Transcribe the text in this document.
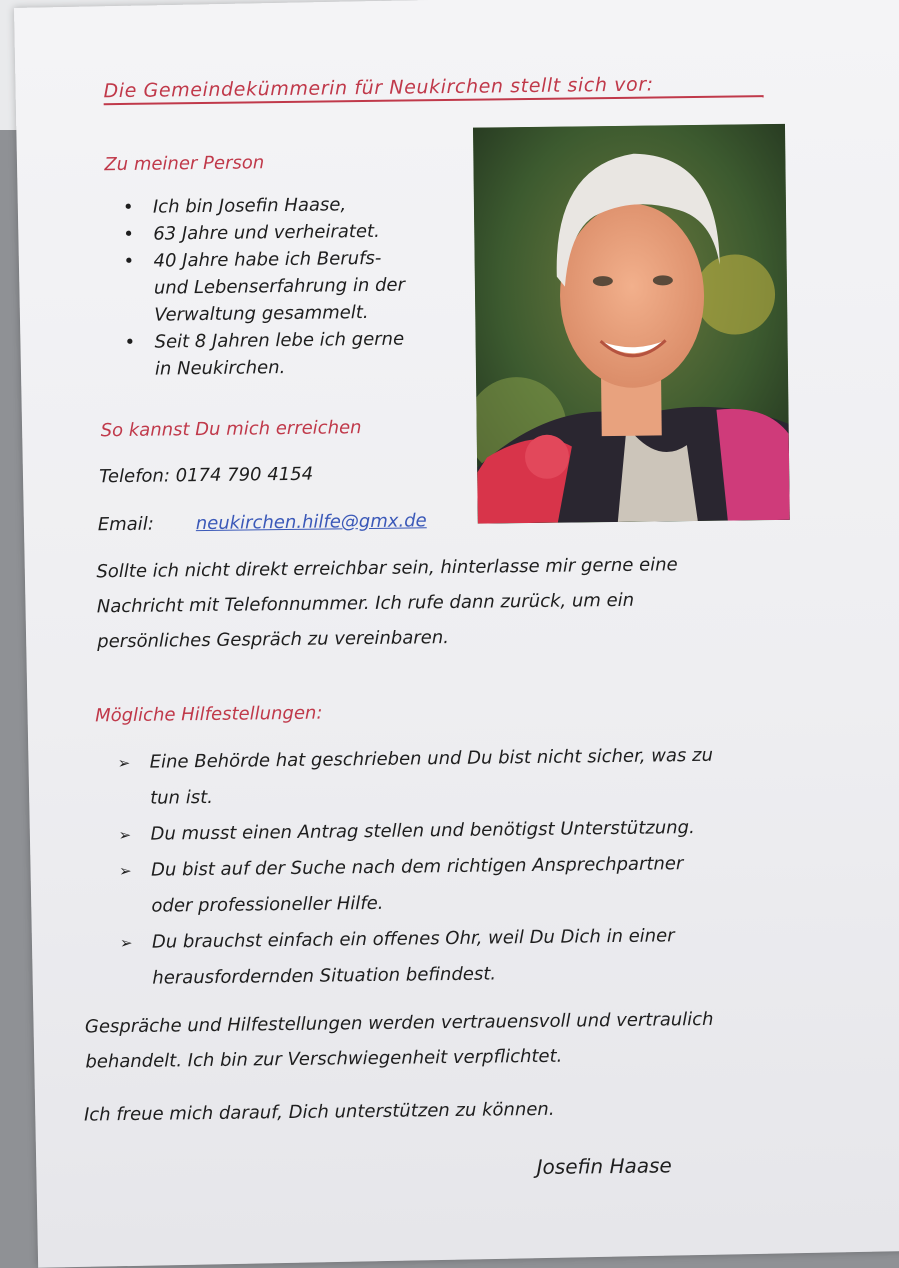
Die Gemeindekümmerin für Neukirchen stellt sich vor:
Zu meiner Person
• Ich bin Josefin Haase,
• 63 Jahre und verheiratet.
• 40 Jahre habe ich Berufs-
und Lebenserfahrung in der
Verwaltung gesammelt.
• Seit 8 Jahren lebe ich gerne
in Neukirchen.
So kannst Du mich erreichen
Telefon: 0174 790 4154
Email: neukirchen.hilfe@gmx.de
Sollte ich nicht direkt erreichbar sein, hinterlasse mir gerne eine
Nachricht mit Telefonnummer. Ich rufe dann zurück, um ein
persönliches Gespräch zu vereinbaren.
Mögliche Hilfestellungen:
➢ Eine Behörde hat geschrieben und Du bist nicht sicher, was zu
tun ist.
➢ Du musst einen Antrag stellen und benötigst Unterstützung.
➢ Du bist auf der Suche nach dem richtigen Ansprechpartner
oder professioneller Hilfe.
➢ Du brauchst einfach ein offenes Ohr, weil Du Dich in einer
herausfordernden Situation befindest.
Gespräche und Hilfestellungen werden vertrauensvoll und vertraulich
behandelt. Ich bin zur Verschwiegenheit verpflichtet.
Ich freue mich darauf, Dich unterstützen zu können.
Josefin Haase
